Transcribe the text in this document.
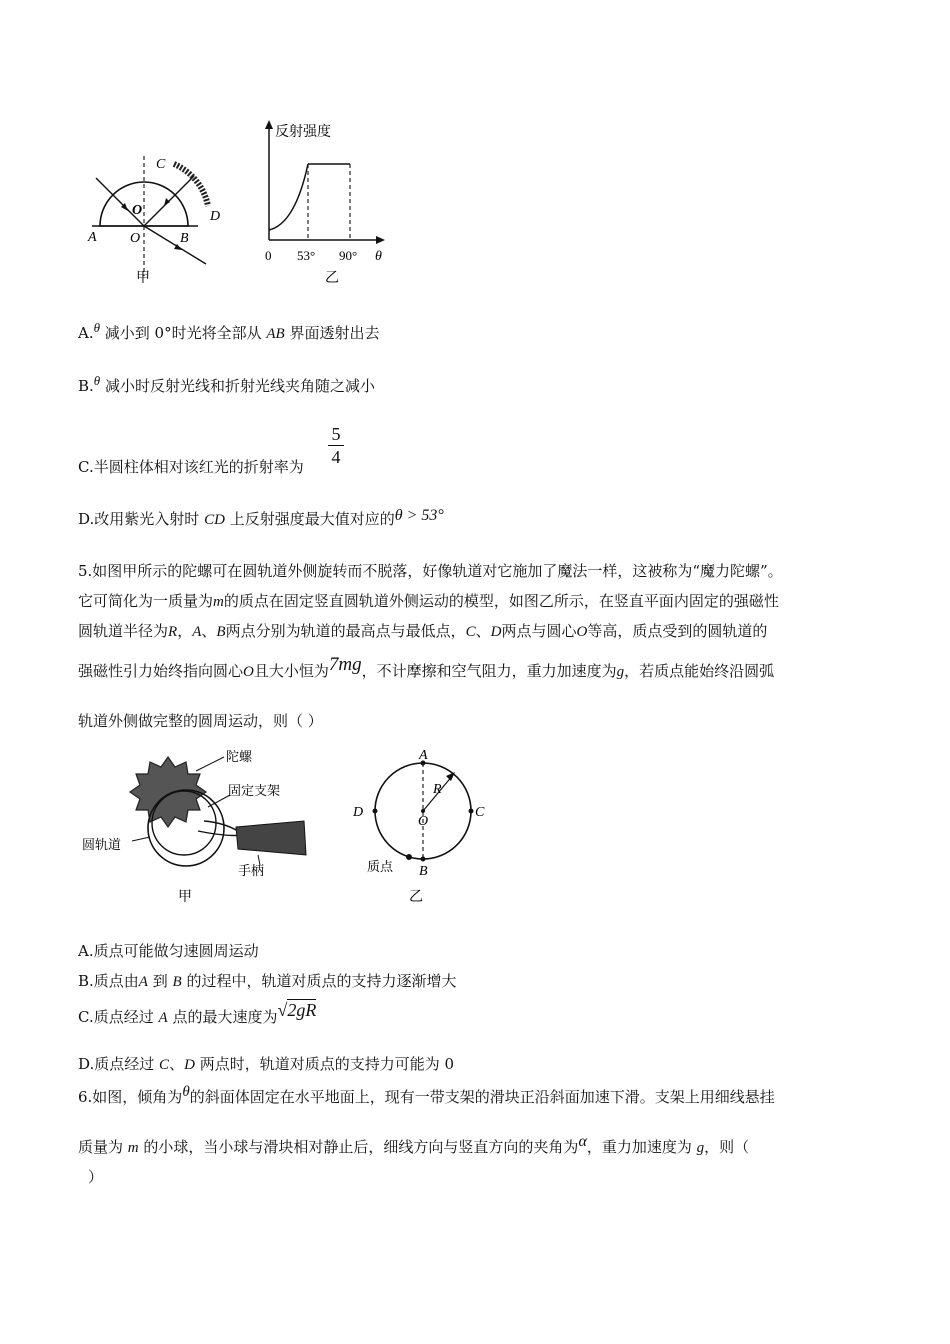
A O
O
B
C
D
甲
反射强度
θ
0 53° 90°
乙
A.θ 减小到 0°时光将全部从 AB 界面透射出去
B.θ 减小时反射光线和折射光线夹角随之减小
C.半圆柱体相对该红光的折射率为
5
4
D.改用紫光入射时 CD 上反射强度最大值对应的θ > 53°
5.如图甲所示的陀螺可在圆轨道外侧旋转而不脱落，好像轨道对它施加了魔法一样，这被称为“魔力陀螺”。
它可简化为一质量为m的质点在固定竖直圆轨道外侧运动的模型，如图乙所示，在竖直平面内固定的强磁性
圆轨道半径为R，A、B两点分别为轨道的最高点与最低点，C、D两点与圆心O等高，质点受到的圆轨道的
强磁性引力始终指向圆心O且大小恒为7mg，不计摩擦和空气阻力，重力加速度为g，若质点能始终沿圆弧
轨道外侧做完整的圆周运动，则（ ）
陀螺
固定支架
圆轨道
手柄
甲
A
B
C
D
O
R
质点
乙
A.质点可能做匀速圆周运动
B.质点由A 到 B 的过程中，轨道对质点的支持力逐渐增大
C.质点经过 A 点的最大速度为√2gR
D.质点经过 C、D 两点时，轨道对质点的支持力可能为 0
6.如图，倾角为θ的斜面体固定在水平地面上，现有一带支架的滑块正沿斜面加速下滑。支架上用细线悬挂
质量为 m 的小球，当小球与滑块相对静止后，细线方向与竖直方向的夹角为α，重力加速度为 g，则（
）
